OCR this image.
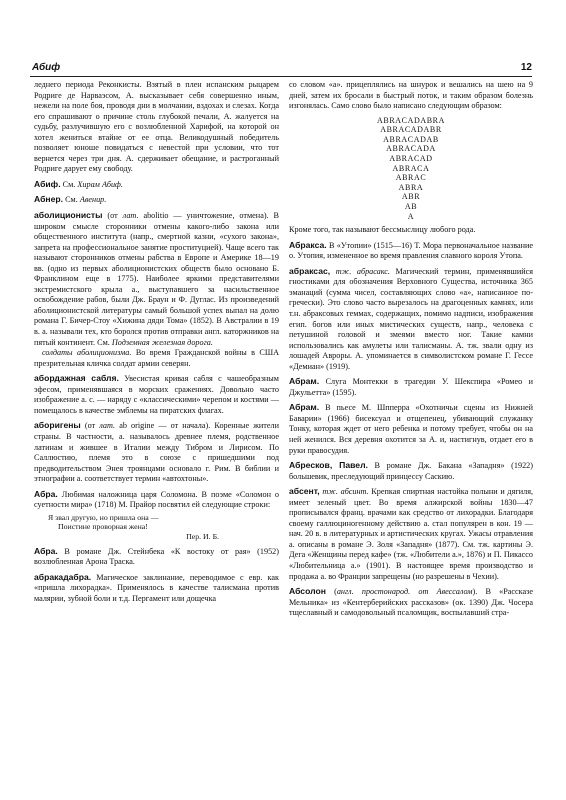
Абиф	12

леднего периода Реконкисты. Взятый в плен испанским рыцарем Родриге де Нарваэсом, А. высказывает себя совершенно иным, нежели на поле боя, проводя дни в молчании, вздохах и слезах. Когда его спрашивают о причине столь глубокой печали, А. жалуется на судьбу, разлучившую его с возлюбленной Харифой, на которой он хотел жениться втайне от ее отца. Великодушный победитель позволяет юноше повидаться с невестой при условии, что тот вернется через три дня. А. сдерживает обещание, и растроганный Родриге дарует ему свободу.

Абиф. См. Хирам Абиф.

Абнер. См. Авенир.

аболиционисты (от лат. abolitio — уничтожение, отмена). В широком смысле сторонники отмены какого-либо закона или общественного института (напр., смертной казни, «сухого закона», запрета на профессиональное занятие проституцией). Чаще всего так называют сторонников отмены рабства в Европе и Америке 18—19 вв. (одно из первых аболиционистских обществ было основано Б. Франклином еще в 1775). Наиболее яркими представителями экстремистского крыла а., выступавшего за насильственное освобождение рабов, были Дж. Браун и Ф. Дуглас. Из произведений аболиционистской литературы самый большой успех выпал на долю романа Г. Бичер-Стоу «Хижина дяди Тома» (1852). В Австралии в 19 в. а. называли тех, кто боролся против отправки англ. каторжников на пятый континент. См. Подземная железная дорога.

солдаты аболиционизма. Во время Гражданской войны в США презрительная кличка солдат армии северян.

абордажная сабля. Увесистая кривая сабля с чашеобразным эфесом, применявшаяся в морских сражениях. Довольно часто изображение а. с. — наряду с «классическими» черепом и костями — помещалось в качестве эмблемы на пиратских флагах.

аборигены (от лат. ab origine — от начала). Коренные жители страны. В частности, а. называлось древнее племя, родственное латинам и жившее в Италии между Тибром и Лирисом. По Саллюстию, племя это в союзе с пришедшими под предводительством Энея троянцами основало г. Рим. В библии и этнографии а. соответствует термин «автохтоны».

Абра. Любимая наложница царя Соломона. В поэме «Соломон о суетности мира» (1718) М. Прайор посвятил ей следующие строки:

Я звал другую, но пришла она —
Поистине проворная жена!
Пер. И. Б.

Абра. В романе Дж. Стейнбека «К востоку от рая» (1952) возлюбленная Арона Траска.

абракадабра. Магическое заклинание, переводимое с евр. как «пришла лихорадка». Применялось в качестве талисмана против малярии, зубной боли и т.д. Пергамент или дощечка

со словом «а». прицеплялись на шнурок и вешались на шею на 9 дней, затем их бросали в быстрый поток, и таким образом болезнь изгонялась. Само слово было написано следующим образом:

ABRACADABRA
ABRACADABR
ABRACADAB
ABRACADA
ABRACAD
ABRACA
ABRAC
ABRA
ABR
AB
A

Кроме того, так называют бессмыслицу любого рода.

Абракса. В «Утопии» (1515—16) Т. Мора первоначальное название о. Утопия, измененное во время правления славного короля Утопа.

абраксас, тж. абрасакс. Магический термин, применявшийся гностиками для обозначения Верховного Существа, источника 365 эманаций (сумма чисел, составляющих слово «а», написанное по-гречески). Это слово часто вырезалось на драгоценных камнях, или т.н. абраксовых геммах, содержащих, помимо надписи, изображения егип. богов или иных мистических существ, напр., человека с петушиной головой и змеями вместо ног. Такие камни использовались как амулеты или талисманы. А. тж. звали одну из лошадей Авроры. А. упоминается в символистском романе Г. Гессе «Демиан» (1919).

Абрам. Слуга Монтекки в трагедии У. Шекспира «Ромео и Джульетта» (1595).

Абрам. В пьесе М. Шпперра «Охотничьи сцены из Нижней Баварии» (1966) бисексуал и отщепенец, убивающий служанку Тонку, которая ждет от него ребенка и потому требует, чтобы он на ней женился. Вся деревня охотится за А. и, настигнув, отдает его в руки правосудия.

Абресков, Павел. В романе Дж. Бакана «Западня» (1922) большевик, преследующий принцессу Саскию.

абсент, тж. абсинт. Крепкая спиртная настойка полыни и дягиля, имеет зеленый цвет. Во время алжирской войны 1830—47 прописывался франц. врачами как средство от лихорадки. Благодаря своему галлюциногенному действию а. стал популярен в кон. 19 — нач. 20 в. в литературных и артистических кругах. Ужасы отравления а. описаны в романе Э. Золя «Западня» (1877). См. тж. картины Э. Дега «Женщины перед кафе» (тж. «Любители а.», 1876) и П. Пикассо «Любительница а.» (1901). В настоящее время производство и продажа а. во Франции запрещены (но разрешены в Чехии).

Абсолон (англ. простонарод. от Авессалом). В «Рассказе Мельника» из «Кентерберийских рассказов» (ок. 1390) Дж. Чосера тщеславный и самодовольный псаломщик, воспылавший стра-
